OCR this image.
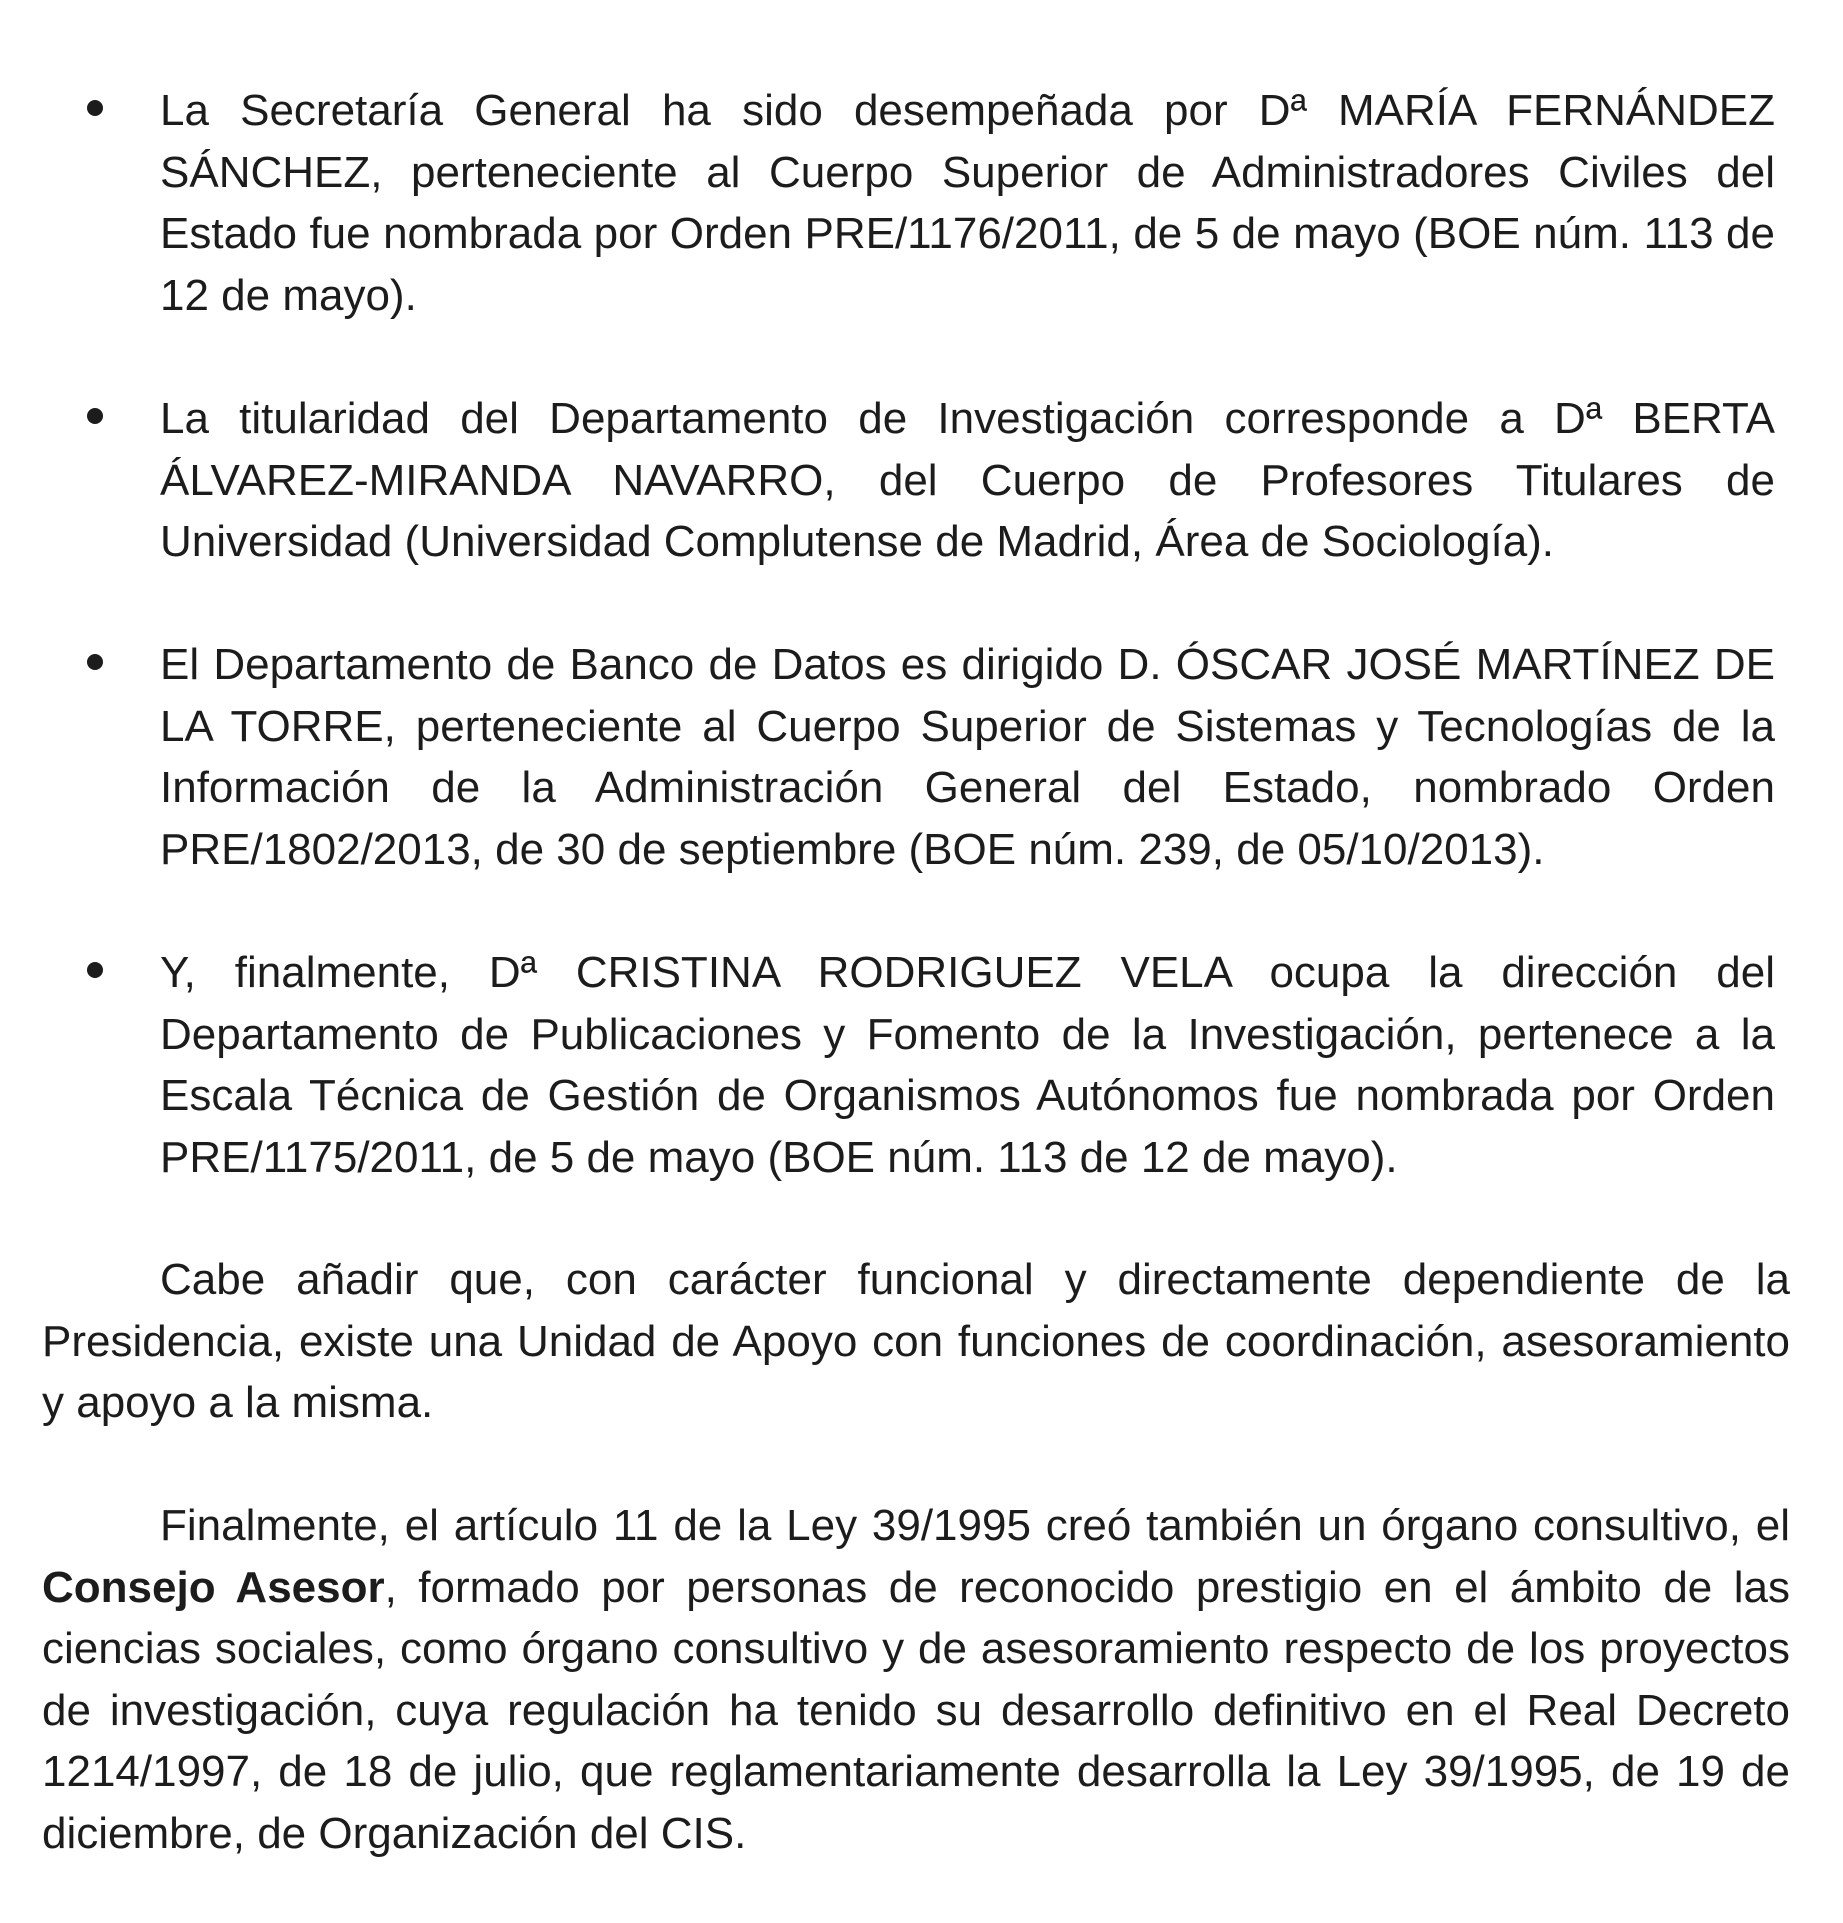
La Secretaría General ha sido desempeñada por Dª MARÍA FERNÁNDEZ SÁNCHEZ, perteneciente al Cuerpo Superior de Administradores Civiles del Estado fue nombrada por Orden PRE/1176/2011, de 5 de mayo (BOE núm. 113 de 12 de mayo).

La titularidad del Departamento de Investigación corresponde a Dª BERTA ÁLVAREZ-MIRANDA NAVARRO, del Cuerpo de Profesores Titulares de Universidad (Universidad Complutense de Madrid, Área de Sociología).

El Departamento de Banco de Datos es dirigido D. ÓSCAR JOSÉ MARTÍNEZ DE LA TORRE, perteneciente al Cuerpo Superior de Sistemas y Tecnologías de la Información de la Administración General del Estado, nombrado Orden PRE/1802/2013, de 30 de septiembre (BOE núm. 239, de 05/10/2013).

Y, finalmente, Dª CRISTINA RODRIGUEZ VELA ocupa la dirección del Departamento de Publicaciones y Fomento de la Investigación, pertenece a la Escala Técnica de Gestión de Organismos Autónomos fue nombrada por Orden PRE/1175/2011, de 5 de mayo (BOE núm. 113 de 12 de mayo).

Cabe añadir que, con carácter funcional y directamente dependiente de la Presidencia, existe una Unidad de Apoyo con funciones de coordinación, asesoramiento y apoyo a la misma.

Finalmente, el artículo 11 de la Ley 39/1995 creó también un órgano consultivo, el Consejo Asesor, formado por personas de reconocido prestigio en el ámbito de las ciencias sociales, como órgano consultivo y de asesoramiento respecto de los proyectos de investigación, cuya regulación ha tenido su desarrollo definitivo en el Real Decreto 1214/1997, de 18 de julio, que reglamentariamente desarrolla la Ley 39/1995, de 19 de diciembre, de Organización del CIS.
